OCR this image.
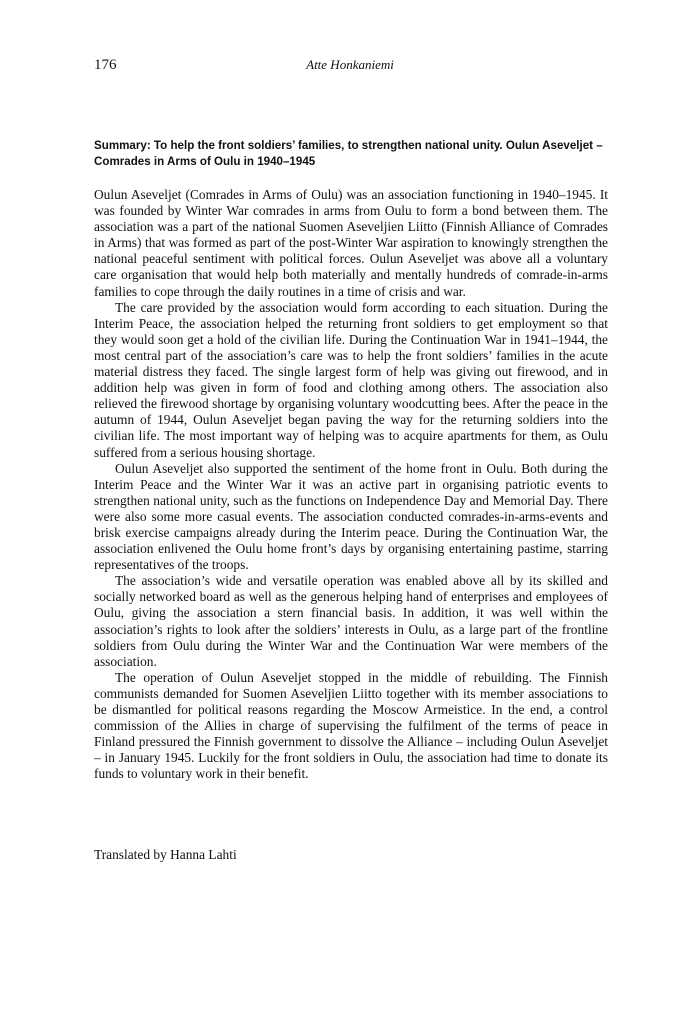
176	Atte Honkaniemi
Summary: To help the front soldiers’ families, to strengthen national unity. Oulun Aseveljet – Comrades in Arms of Oulu in 1940–1945

Oulun Aseveljet (Comrades in Arms of Oulu) was an association functioning in 1940–1945. It was founded by Winter War comrades in arms from Oulu to form a bond between them. The association was a part of the national Suomen Aseveljien Liitto (Finnish Alliance of Comrades in Arms) that was formed as part of the post-Winter War aspiration to knowingly strengthen the national peaceful sentiment with political forces. Oulun Aseveljet was above all a voluntary care organisation that would help both materially and mentally hundreds of comrade-in-arms families to cope through the daily routines in a time of crisis and war.

The care provided by the association would form according to each situation. During the Interim Peace, the association helped the returning front soldiers to get employment so that they would soon get a hold of the civilian life. During the Continuation War in 1941–1944, the most central part of the association’s care was to help the front soldiers’ families in the acute material distress they faced. The single largest form of help was giving out firewood, and in addition help was given in form of food and clothing among others. The association also relieved the firewood shortage by organising voluntary woodcutting bees. After the peace in the autumn of 1944, Oulun Aseveljet began paving the way for the returning soldiers into the civilian life. The most important way of helping was to acquire apartments for them, as Oulu suffered from a serious housing shortage.

Oulun Aseveljet also supported the sentiment of the home front in Oulu. Both during the Interim Peace and the Winter War it was an active part in organising patriotic events to strengthen national unity, such as the functions on Independence Day and Memorial Day. There were also some more casual events. The association conducted comrades-in-arms-events and brisk exercise campaigns already during the Interim peace. During the Continuation War, the association enlivened the Oulu home front’s days by organising entertaining pastime, starring representatives of the troops.

The association’s wide and versatile operation was enabled above all by its skilled and socially networked board as well as the generous helping hand of enterprises and employees of Oulu, giving the association a stern financial basis. In addition, it was well within the association’s rights to look after the soldiers’ interests in Oulu, as a large part of the frontline soldiers from Oulu during the Winter War and the Continuation War were members of the association.

The operation of Oulun Aseveljet stopped in the middle of rebuilding. The Finnish communists demanded for Suomen Aseveljien Liitto together with its member associations to be dismantled for political reasons regarding the Moscow Armeistice. In the end, a control commission of the Allies in charge of supervising the fulfilment of the terms of peace in Finland pressured the Finnish government to dissolve the Alliance – including Oulun Aseveljet – in January 1945. Luckily for the front soldiers in Oulu, the association had time to donate its funds to voluntary work in their benefit.

Translated by Hanna Lahti
